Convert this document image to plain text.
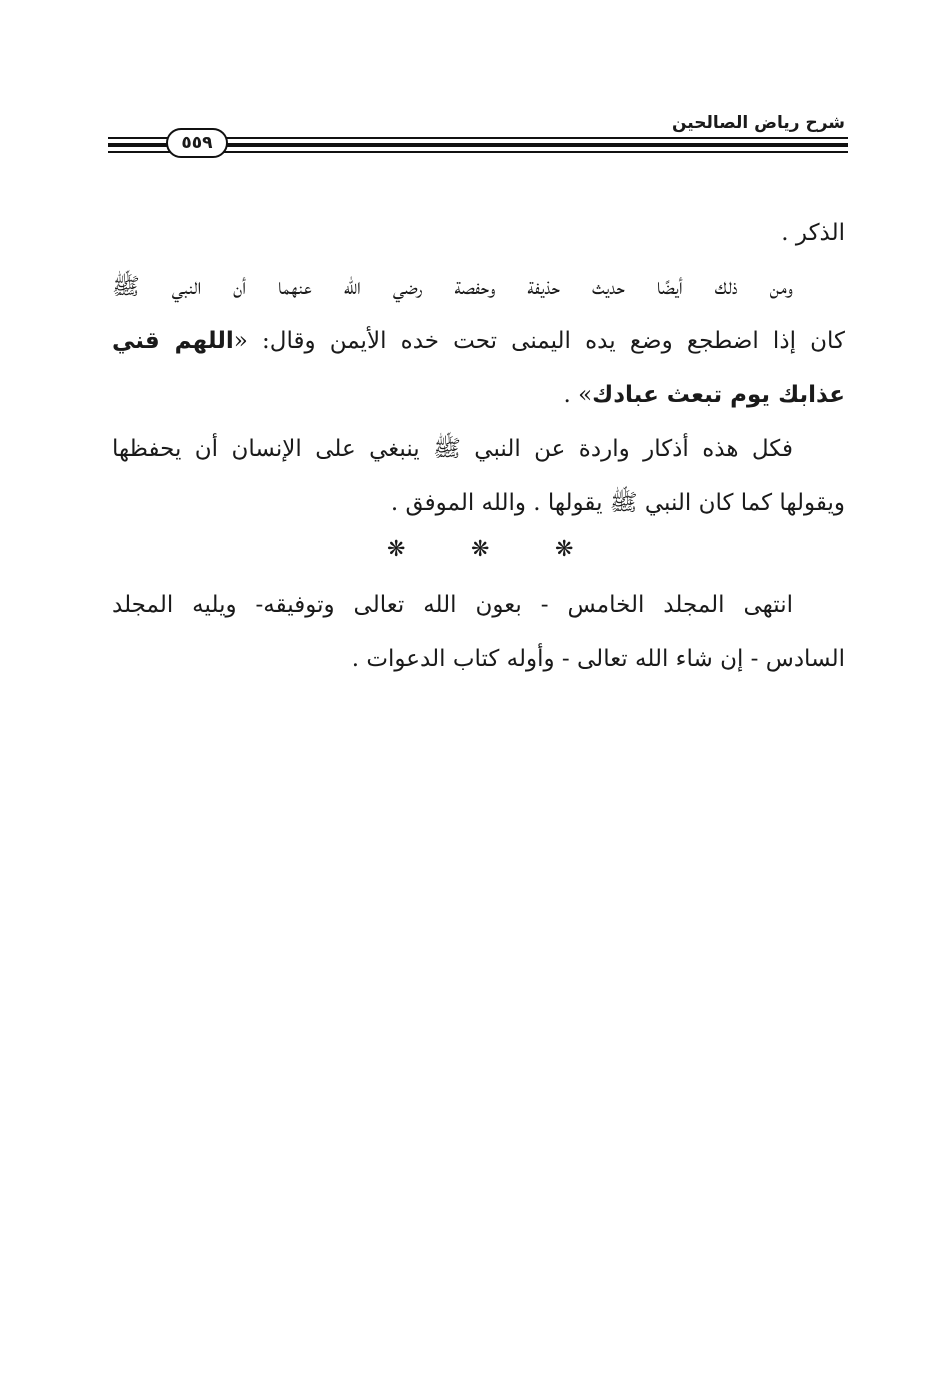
شرح رياض الصالحين
٥٥٩
الذكر .
ومن ذلك أيضًا حديث حذيفة وحفصة رضي الله عنهما أن النبي ﷺ
كان إذا اضطجع وضع يده اليمنى تحت خده الأيمن وقال: «اللهم قني
عذابك يوم تبعث عبادك» .
فكل هذه أذكار واردة عن النبي ﷺ ينبغي على الإنسان أن يحفظها
ويقولها كما كان النبي ﷺ يقولها . والله الموفق .
❋	❋	❋
انتهى المجلد الخامس - بعون الله تعالى وتوفيقه- ويليه المجلد
السادس - إن شاء الله تعالى - وأوله كتاب الدعوات .
